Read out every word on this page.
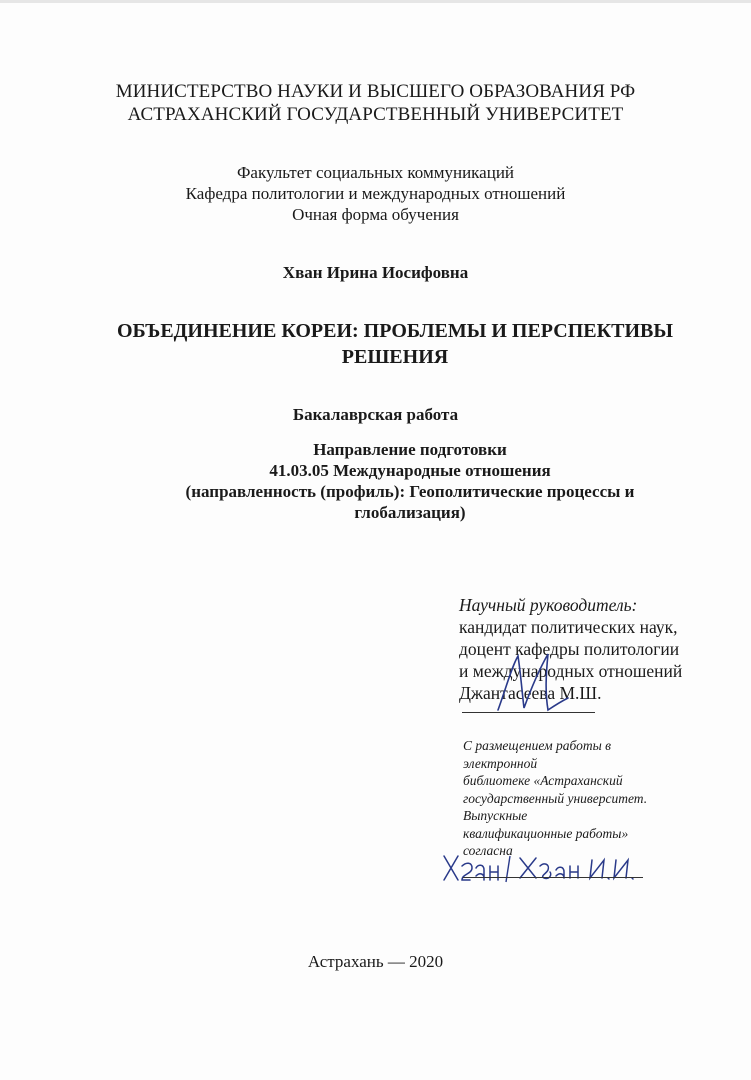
МИНИСТЕРСТВО НАУКИ И ВЫСШЕГО ОБРАЗОВАНИЯ РФ
АСТРАХАНСКИЙ ГОСУДАРСТВЕННЫЙ УНИВЕРСИТЕТ
Факультет социальных коммуникаций
Кафедра политологии и международных отношений
Очная форма обучения
Хван Ирина Иосифовна
ОБЪЕДИНЕНИЕ КОРЕИ: ПРОБЛЕМЫ И ПЕРСПЕКТИВЫ
РЕШЕНИЯ
Бакалаврская работа
Направление подготовки
41.03.05 Международные отношения
(направленность (профиль): Геополитические процессы и
глобализация)
Научный руководитель:
кандидат политических наук,
доцент кафедры политологии
и международных отношений
Джантасеева М.Ш.
С размещением работы в
электронной
библиотеке «Астраханский
государственный университет.
Выпускные
квалификационные работы»
согласна
Астрахань — 2020
